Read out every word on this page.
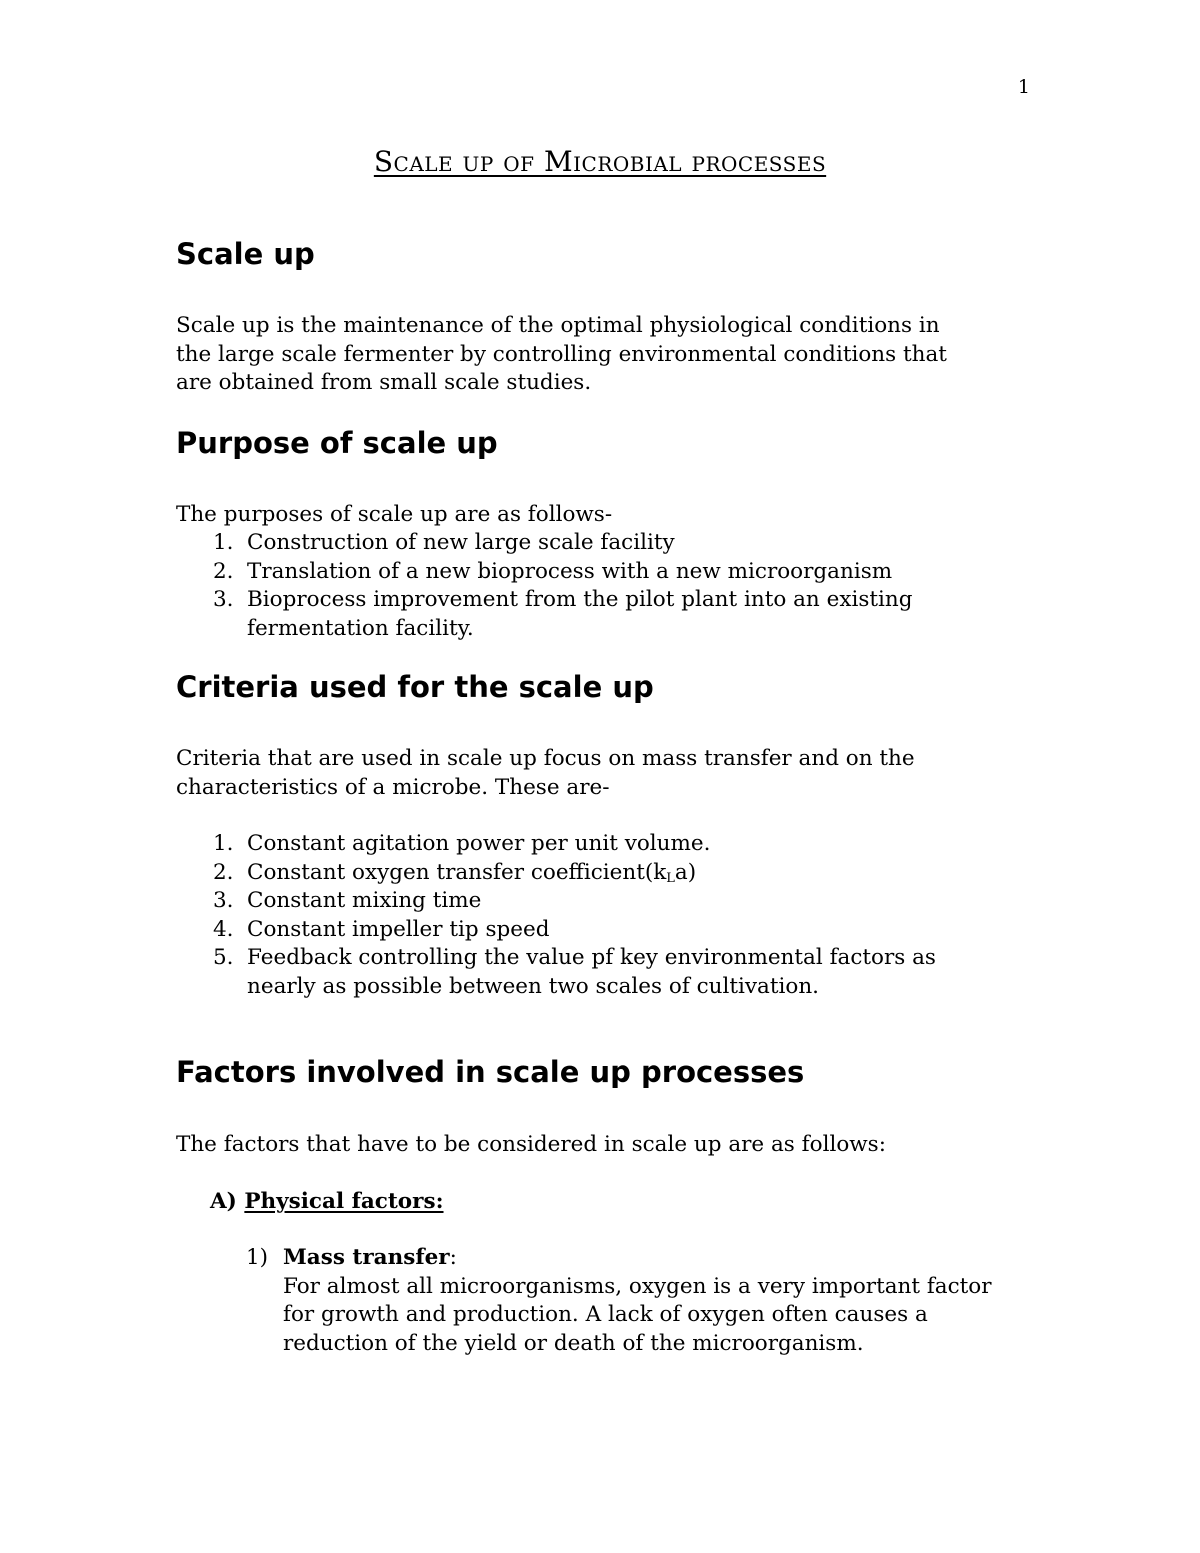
1
Scale up of Microbial processes
Scale up
Scale up is the maintenance of the optimal physiological conditions in
the large scale fermenter by controlling environmental conditions that
are obtained from small scale studies.
Purpose of scale up
The purposes of scale up are as follows-
1. Construction of new large scale facility
2. Translation of a new bioprocess with a new microorganism
3. Bioprocess improvement from the pilot plant into an existing
fermentation facility.
Criteria used for the scale up
Criteria that are used in scale up focus on mass transfer and on the
characteristics of a microbe. These are-
1. Constant agitation power per unit volume.
2. Constant oxygen transfer $coefficient(k_La)$
3. Constant mixing time
4. Constant impeller tip speed
5. Feedback controlling the value pf key environmental factors as
nearly as possible between two scales of cultivation.
Factors involved in scale up processes
The factors that have to be considered in scale up are as follows:
A) Physical factors:
1) Mass transfer:
For almost all microorganisms, oxygen is a very important factor
for growth and production. A lack of oxygen often causes a
reduction of the yield or death of the microorganism.
